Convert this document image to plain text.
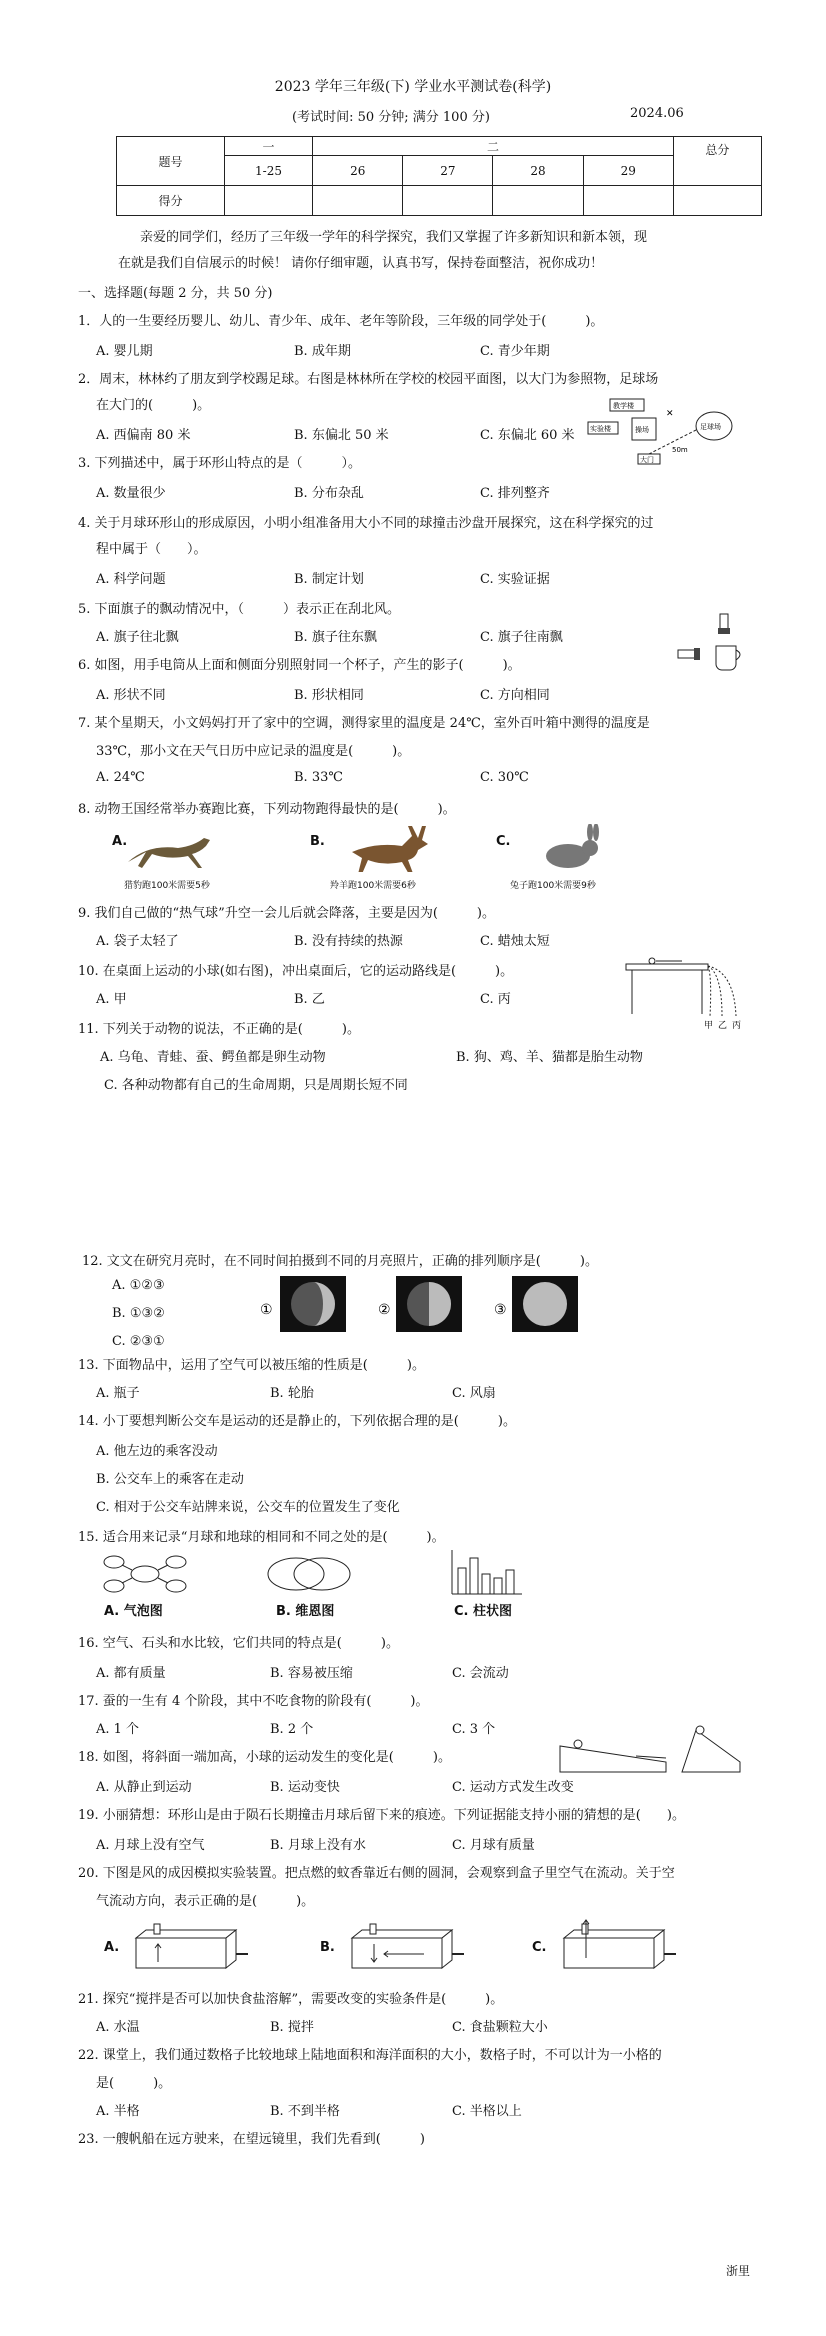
2023 学年三年级(下) 学业水平测试卷(科学)
(考试时间: 50 分钟; 满分 100 分)	2024.06
题号	一	二				总分
	1-25	26	27	28	29	
得分						
亲爱的同学们，经历了三年级一学年的科学探究，我们又掌握了许多新知识和新本领，现
在就是我们自信展示的时候！ 请你仔细审题，认真书写，保持卷面整洁，祝你成功！
一、选择题(每题 2 分，共 50 分)
1．人的一生要经历婴儿、幼儿、青少年、成年、老年等阶段，三年级的同学处于(　　　)。
A. 婴儿期	B. 成年期	C. 青少年期
2．周末，林林约了朋友到学校踢足球。右图是林林所在学校的校园平面图，以大门为参照物，足球场
在大门的(　　　)。
A. 西偏南 80 米	B. 东偏北 50 米	C. 东偏北 60 米
教学楼
实验楼	操场
大门
足球场
50m
✕
3. 下列描述中，属于环形山特点的是（　　　）。
A. 数量很少	B. 分布杂乱	C. 排列整齐
4. 关于月球环形山的形成原因，小明小组准备用大小不同的球撞击沙盘开展探究，这在科学探究的过
程中属于（　　）。
A. 科学问题	B. 制定计划	C. 实验证据
5. 下面旗子的飘动情况中，（　　　）表示正在刮北风。
A. 旗子往北飘	B. 旗子往东飘	C. 旗子往南飘
6. 如图，用手电筒从上面和侧面分别照射同一个杯子，产生的影子(　　　)。
A. 形状不同	B. 形状相同	C. 方向相同
7. 某个星期天，小文妈妈打开了家中的空调，测得家里的温度是 24℃，室外百叶箱中测得的温度是
33℃，那小文在天气日历中应记录的温度是(　　　)。
A. 24℃	B. 33℃	C. 30℃
8. 动物王国经常举办赛跑比赛，下列动物跑得最快的是(　　　)。
A.	B.	C.
猎豹跑100米需要5秒	羚羊跑100米需要6秒	兔子跑100米需要9秒
9. 我们自己做的“热气球”升空一会儿后就会降落，主要是因为(　　　)。
A. 袋子太轻了	B. 没有持续的热源	C. 蜡烛太短
10. 在桌面上运动的小球(如右图)，冲出桌面后，它的运动路线是(　　　)。
A. 甲	B. 乙	C. 丙
甲 乙 丙
11. 下列关于动物的说法，不正确的是(　　　)。
A. 乌龟、青蛙、蚕、鳄鱼都是卵生动物	B. 狗、鸡、羊、猫都是胎生动物
C. 各种动物都有自己的生命周期，只是周期长短不同
12. 文文在研究月亮时，在不同时间拍摄到不同的月亮照片，正确的排列顺序是(　　　)。
A. ①②③
B. ①③②
C. ②③①
①	②	③
13. 下面物品中，运用了空气可以被压缩的性质是(　　　)。
A. 瓶子	B. 轮胎	C. 风扇
14. 小丁要想判断公交车是运动的还是静止的，下列依据合理的是(　　　)。
A. 他左边的乘客没动
B. 公交车上的乘客在走动
C. 相对于公交车站牌来说，公交车的位置发生了变化
15. 适合用来记录“月球和地球的相同和不同之处的是(　　　)。
A. 气泡图	B. 维恩图	C. 柱状图
16. 空气、石头和水比较，它们共同的特点是(　　　)。
A. 都有质量	B. 容易被压缩	C. 会流动
17. 蚕的一生有 4 个阶段，其中不吃食物的阶段有(　　　)。
A. 1 个	B. 2 个	C. 3 个
18. 如图，将斜面一端加高，小球的运动发生的变化是(　　　)。
A. 从静止到运动	B. 运动变快	C. 运动方式发生改变
19. 小丽猜想：环形山是由于陨石长期撞击月球后留下来的痕迹。下列证据能支持小丽的猜想的是(　　)。
A. 月球上没有空气	B. 月球上没有水	C. 月球有质量
20. 下图是风的成因模拟实验装置。把点燃的蚊香靠近右侧的圆洞，会观察到盒子里空气在流动。关于空
气流动方向，表示正确的是(　　　)。
A.	B.	C.
21. 探究“搅拌是否可以加快食盐溶解”，需要改变的实验条件是(　　　)。
A. 水温	B. 搅拌	C. 食盐颗粒大小
22. 课堂上，我们通过数格子比较地球上陆地面积和海洋面积的大小，数格子时，不可以计为一小格的
是(　　　)。
A. 半格	B. 不到半格	C. 半格以上
23. 一艘帆船在远方驶来，在望远镜里，我们先看到(　　　)
浙里
